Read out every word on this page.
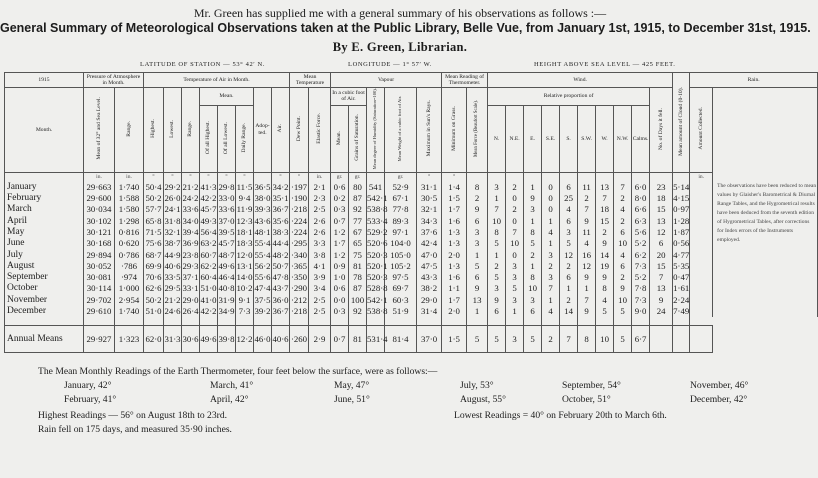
Mr. Green has supplied me with a general summary of his observations as follows :—
General Summary of Meteorological Observations taken at the Public Library, Belle Vue, from January 1st, 1915, to December 31st, 1915.
By E. Green, Librarian.
LATITUDE OF STATION — 53° 42′ N.	LONGITUDE — 1° 57′ W.	HEIGHT ABOVE SEA LEVEL — 425 FEET.
1915	Pressure of Atmosphere in Month.		Temperature of Air in Month.								Mean Temperature		Vapour					Mean Reading of Thermometer.		Wind.										Mean amount of Cloud (0-10).	Rain.	
Month.	Mean of 32° and Sea Level.	Range.	Highest.	Lowest.	Range.	Mean.			Adop- ted.	Air.	Dew Point.	Elastic Force.	In a cubic foot of Air.		Mean degree of Humidity (Saturation=100).	Mean Weight of a cubic foot of Air.	Maximum in Sun's Rays.	Minimum on Grass.	Mean Force (Beaufort Scale).	Relative proportion of									No. of Days it fell.		Amount Collected.		
						Of all Highest.	Of all Lowest.	Daily Range.					Mean.	Grains of Saturation.						N.	N.E.	E.	S.E.	S.	S.W.	W.	N.W.	Calms.					
	in.	in.	°	°	°	°	°	°		°	°	in.	gr.	gr.		gr.	°	°													in.	The observations have been reduced to mean values by Glaisher's Barometrical & Diurnal Range Tables, and the Hygrometrical results have been deduced from the seventh edition of Hygrometrical Tables, after corrections for Index errors of the Instruments employed.	
January	29·663	1·740	50·4	29·2	21·2	41·3	29·8	11·5	36·5	34·2	·197	2·1	0·6	80	541	52·9	31·1	1·4	8	3	2	1	0	6	11	13	7	6·0	23	5·14			
February	29·600	1·588	50·2	26·0	24·2	42·2	33·0	9·4	38·0	35·1	·190	2·3	0·2	87	542·1	67·1	30·5	1·5	2	1	0	9	0	25	2	7	2	8·0	18	4·15			
March	30·034	1·580	57·7	24·1	33·6	45·7	33·6	11·9	39·3	36·7	·218	2·5	0·3	92	538·8	77·8	32·1	1·7	9	7	2	3	0	4	7	18	4	6·6	15	0·97			
April	30·102	1·298	65·8	31·8	34·0	49·3	37·0	12·3	43·6	35·6	·224	2·6	0·7	77	533·4	89·3	34·3	1·6	6	10	0	1	1	6	9	15	2	6·3	13	1·28			
May	30·121	0·816	71·5	32·1	39·4	56·4	39·5	18·1	48·1	38·3	·224	2·6	1·2	67	529·2	97·1	37·6	1·3	3	8	7	8	4	3	11	2	6	5·6	12	1·87			
June	30·168	0·620	75·6	38·7	36·9	63·2	45·7	18·3	55·4	44·4	·295	3·3	1·7	65	520·6	104·0	42·4	1·3	3	5	10	5	1	5	4	9	10	5·2	6	0·56			
July	29·894	0·786	68·7	44·9	23·8	60·7	48·7	12·0	55·4	48·2	·340	3·8	1·2	75	520·3	105·0	47·0	2·0	1	1	0	2	3	12	16	14	4	6·2	20	4·77			
August	30·052	·786	69·9	40·6	29·3	62·2	49·6	13·1	56·2	50·7	·365	4·1	0·9	81	520·1	105·2	47·5	1·3	5	2	3	1	2	2	12	19	6	7·3	15	5·35			
September	30·081	·974	70·6	33·5	37·1	60·4	46·4	14·0	55·6	47·8	·350	3·9	1·0	78	520·3	97·5	43·3	1·6	6	5	3	8	3	6	9	9	2	5·2	7	0·47			
October	30·114	1·000	62·6	29·5	33·1	51·0	40·8	10·2	47·4	43·7	·290	3·4	0·6	87	528·8	69·7	38·2	1·1	9	3	5	10	7	1	1	8	9	7·8	13	1·61			
November	29·702	2·954	50·2	21·2	29·0	41·0	31·9	9·1	37·5	36·0	·212	2·5	0·0	100	542·1	60·3	29·0	1·7	13	9	3	3	1	2	7	4	10	7·3	9	2·24			
December	29·610	1·740	51·0	24·6	26·4	42·2	34·9	7·3	39·2	36·7	·218	2·5	0·3	92	538·8	51·9	31·4	2·0	1	6	1	6	4	14	9	5	5	9·0	24	7·49			

Annual Means	29·927	1·323	62·0	31·3	30·6	49·6	39·8	12·2	46·0	40·6	·260	2·9	0·7	81	531·4	81·4	37·0	1·5	5	5	3	5	2	7	8	10	5	6·7					
The Mean Monthly Readings of the Earth Thermometer, four feet below the surface, were as follows:—
January, 42°	March, 41°	May, 47°	July, 53°	September, 54°	November, 46°
February, 41°	April, 42°	June, 51°	August, 55°	October, 51°	December, 42°
Highest Readings — 56° on August 18th to 23rd.	Lowest Readings = 40° on February 20th to March 6th.
Rain fell on 175 days, and measured 35·90 inches.
